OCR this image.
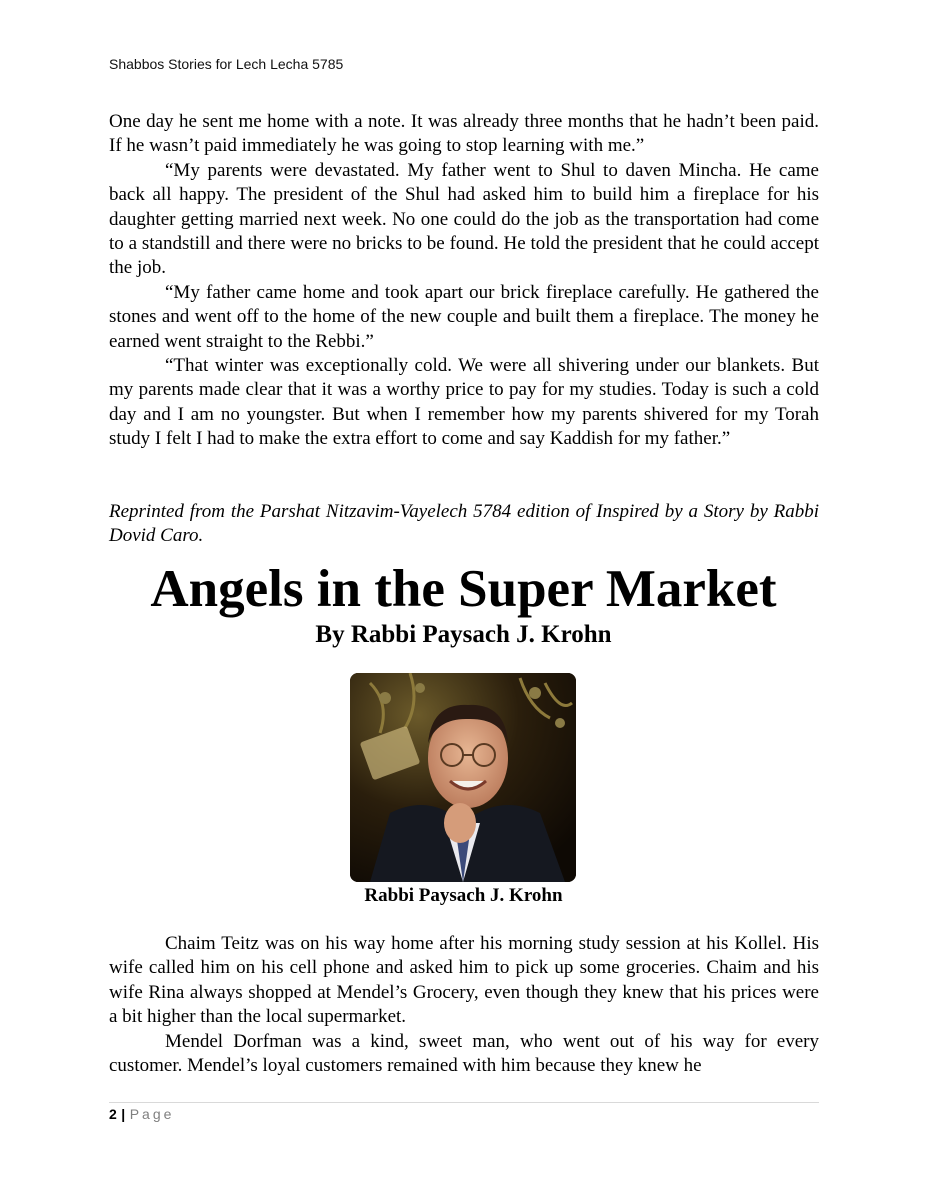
Shabbos Stories for Lech Lecha 5785

One day he sent me home with a note. It was already three months that he hadn’t been paid. If he wasn’t paid immediately he was going to stop learning with me.”

“My parents were devastated. My father went to Shul to daven Mincha. He came back all happy. The president of the Shul had asked him to build him a fireplace for his daughter getting married next week. No one could do the job as the transportation had come to a standstill and there were no bricks to be found. He told the president that he could accept the job.

“My father came home and took apart our brick fireplace carefully. He gathered the stones and went off to the home of the new couple and built them a fireplace. The money he earned went straight to the Rebbi.”

“That winter was exceptionally cold. We were all shivering under our blankets. But my parents made clear that it was a worthy price to pay for my studies. Today is such a cold day and I am no youngster. But when I remember how my parents shivered for my Torah study I felt I had to make the extra effort to come and say Kaddish for my father.”

Reprinted from the Parshat Nitzavim-Vayelech 5784 edition of Inspired by a Story by Rabbi Dovid Caro.

Angels in the Super Market
By Rabbi Paysach J. Krohn

Rabbi Paysach J. Krohn

Chaim Teitz was on his way home after his morning study session at his Kollel. His wife called him on his cell phone and asked him to pick up some groceries. Chaim and his wife Rina always shopped at Mendel’s Grocery, even though they knew that his prices were a bit higher than the local supermarket.

Mendel Dorfman was a kind, sweet man, who went out of his way for every customer. Mendel’s loyal customers remained with him because they knew he

2 | Page
